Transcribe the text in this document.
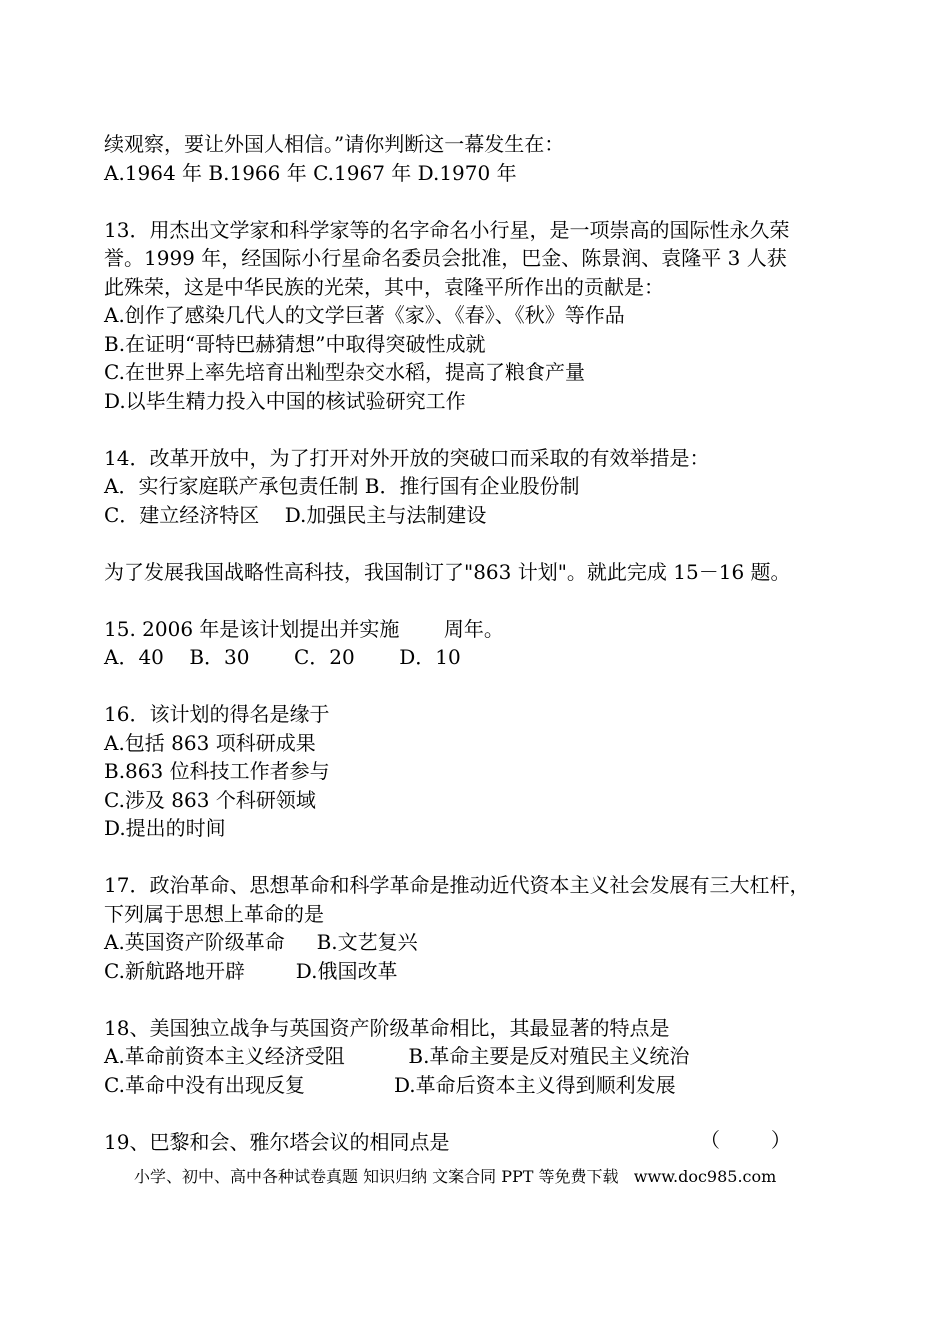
续观察，要让外国人相信。”请你判断这一幕发生在：
A.1964 年 B.1966 年 C.1967 年 D.1970 年
13．用杰出文学家和科学家等的名字命名小行星，是一项崇高的国际性永久荣
誉。1999 年，经国际小行星命名委员会批准，巴金、陈景润、袁隆平 3 人获
此殊荣，这是中华民族的光荣，其中，袁隆平所作出的贡献是：
A.创作了感染几代人的文学巨著《家》、《春》、《秋》等作品
B.在证明“哥特巴赫猜想”中取得突破性成就
C.在世界上率先培育出籼型杂交水稻，提高了粮食产量
D.以毕生精力投入中国的核试验研究工作
14．改革开放中，为了打开对外开放的突破口而采取的有效举措是：
A．实行家庭联产承包责任制 B．推行国有企业股份制
C．建立经济特区    D.加强民主与法制建设
为了发展我国战略性高科技，我国制订了"863 计划"。就此完成 15－16 题。
15. 2006 年是该计划提出并实施       周年。
A．40    B．30       C．20       D．10
16．该计划的得名是缘于
A.包括 863 项科研成果
B.863 位科技工作者参与
C.涉及 863 个科研领域
D.提出的时间
17．政治革命、思想革命和科学革命是推动近代资本主义社会发展有三大杠杆，
下列属于思想上革命的是
A.英国资产阶级革命     B.文艺复兴
C.新航路地开辟        D.俄国改革
18、美国独立战争与英国资产阶级革命相比，其最显著的特点是
A.革命前资本主义经济受阻          B.革命主要是反对殖民主义统治
C.革命中没有出现反复              D.革命后资本主义得到顺利发展
19、巴黎和会、雅尔塔会议的相同点是	（        ）
小学、初中、高中各种试卷真题 知识归纳 文案合同 PPT 等免费下载   www.doc985.com
